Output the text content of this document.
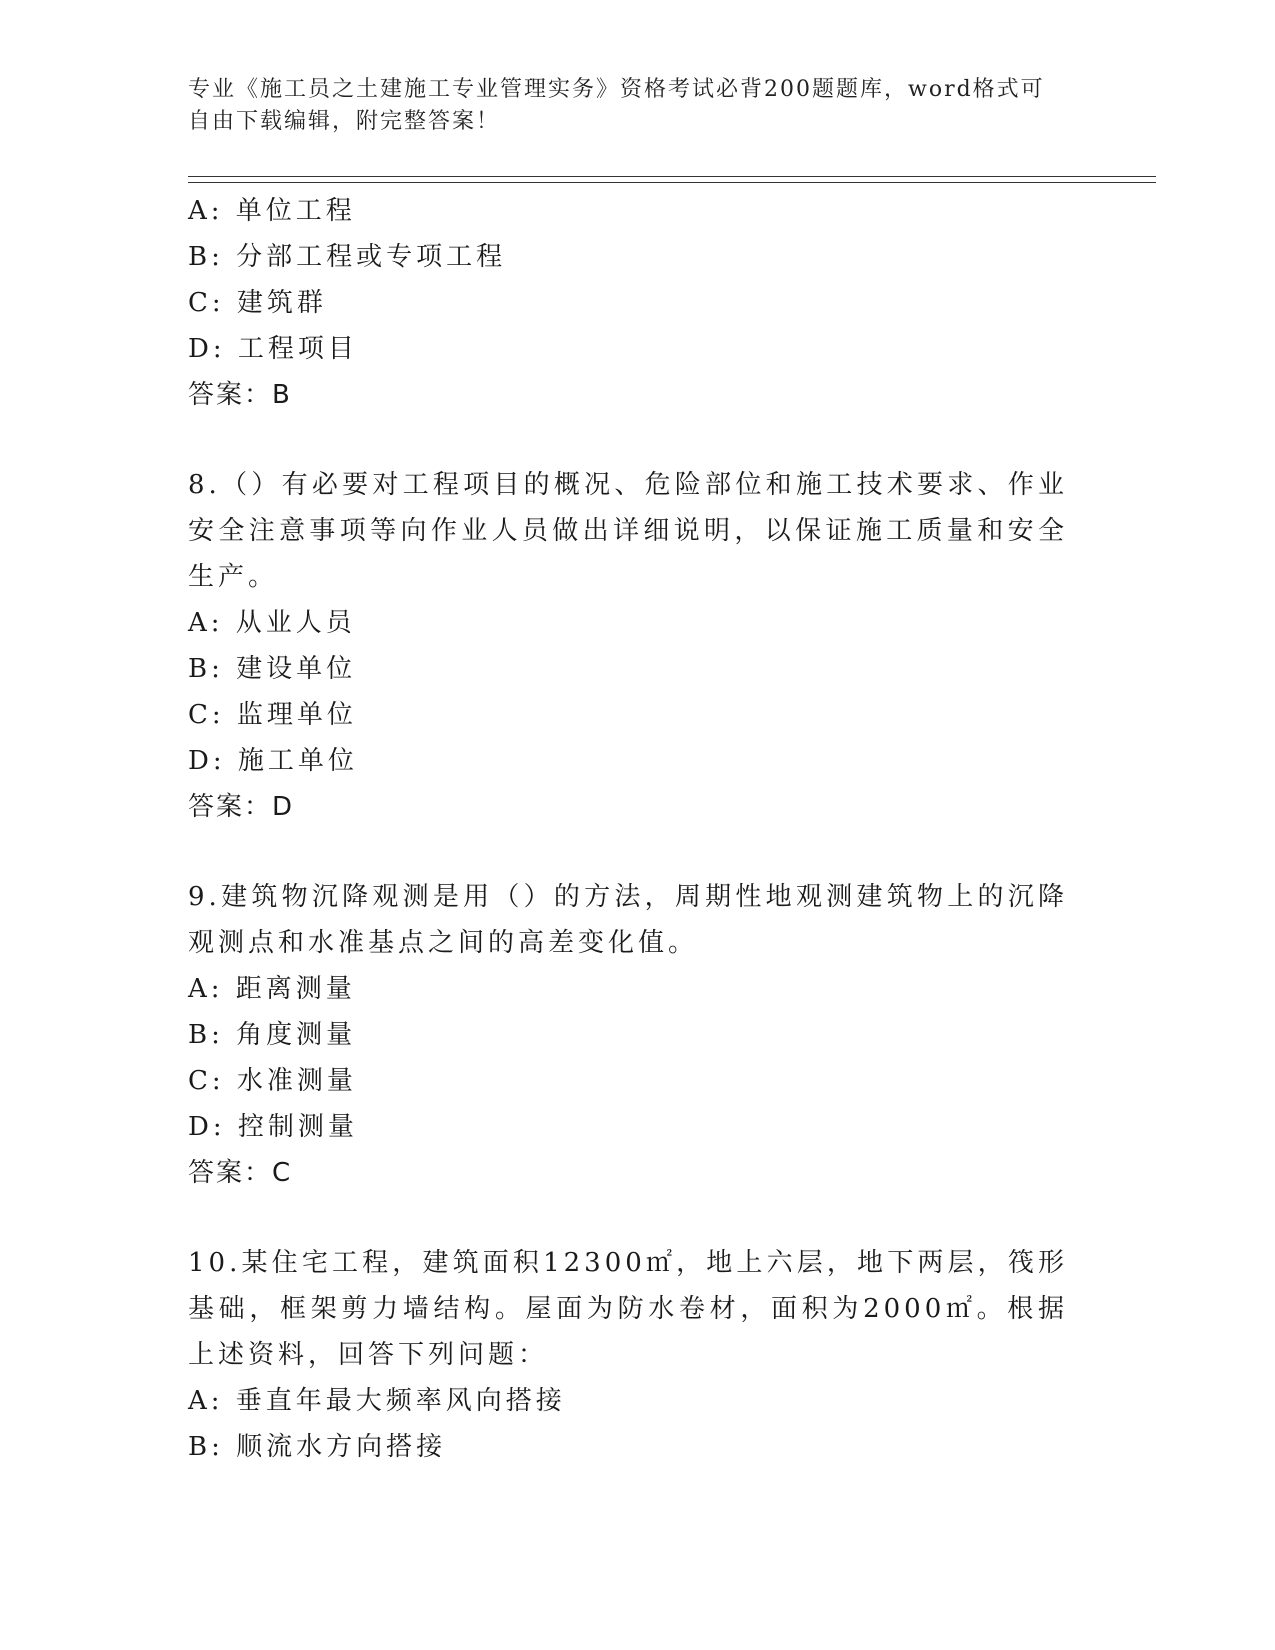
专业《施工员之土建施工专业管理实务》资格考试必背200题题库，word格式可自由下载编辑，附完整答案！
A: 单位工程
B: 分部工程或专项工程
C: 建筑群
D: 工程项目
答案：B
8.（）有必要对工程项目的概况、危险部位和施工技术要求、作业安全注意事项等向作业人员做出详细说明，以保证施工质量和安全生产。
A: 从业人员
B: 建设单位
C: 监理单位
D: 施工单位
答案：D
9.建筑物沉降观测是用（）的方法，周期性地观测建筑物上的沉降观测点和水准基点之间的高差变化值。
A: 距离测量
B: 角度测量
C: 水准测量
D: 控制测量
答案：C
10.某住宅工程，建筑面积12300㎡，地上六层，地下两层，筏形基础，框架剪力墙结构。屋面为防水卷材，面积为2000㎡。根据上述资料，回答下列问题：
A: 垂直年最大频率风向搭接
B: 顺流水方向搭接
